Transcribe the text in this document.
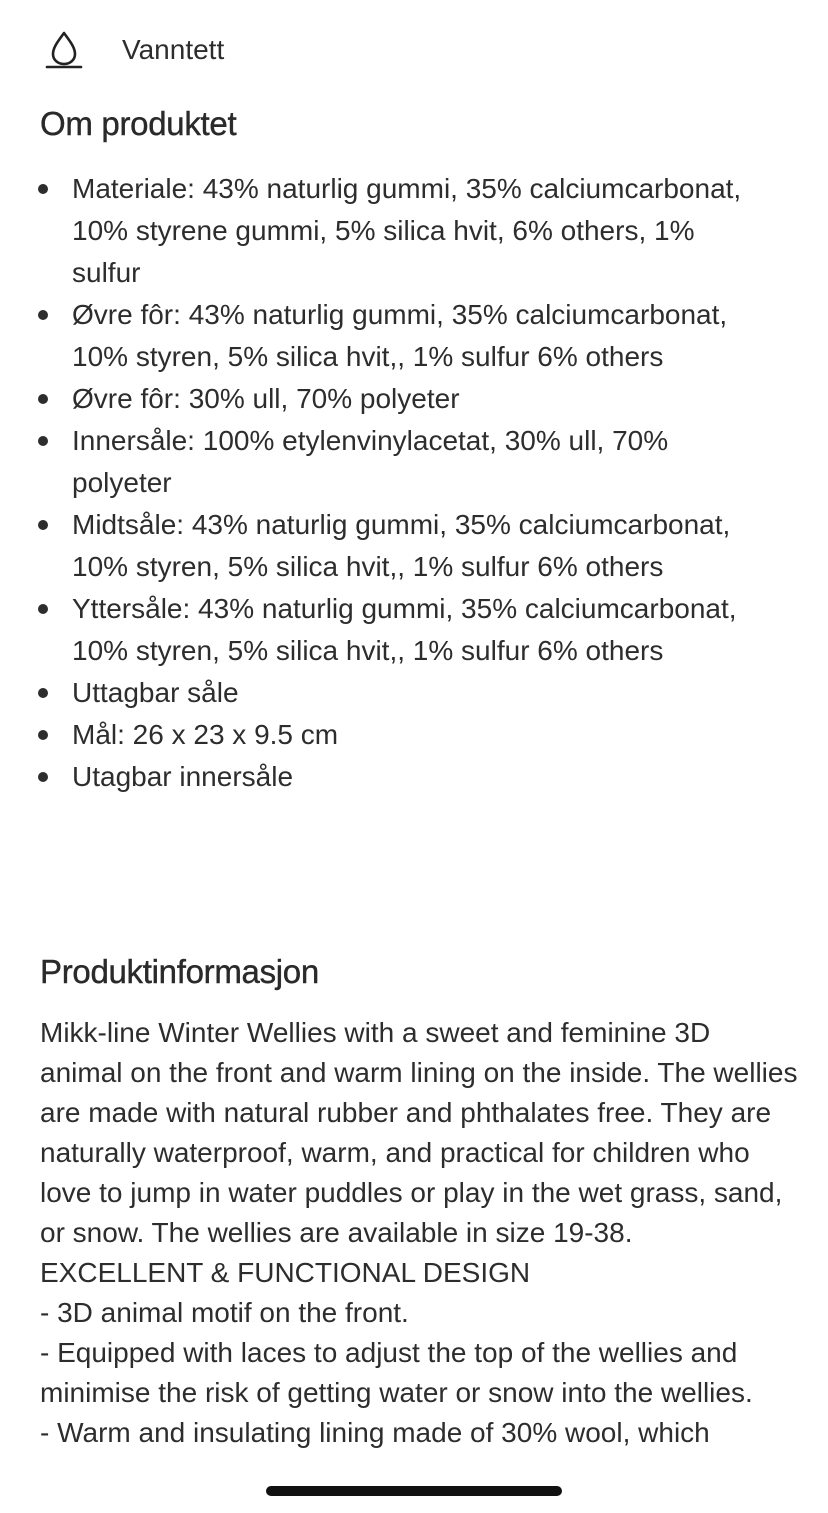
Vanntett
Om produktet
Materiale: 43% naturlig gummi, 35% calciumcarbonat, 10% styrene gummi, 5% silica hvit, 6% others, 1% sulfur
Øvre fôr: 43% naturlig gummi, 35% calciumcarbonat, 10% styren, 5% silica hvit,, 1% sulfur 6% others
Øvre fôr: 30% ull, 70% polyeter
Innersåle: 100% etylenvinylacetat, 30% ull, 70% polyeter
Midtsåle: 43% naturlig gummi, 35% calciumcarbonat, 10% styren, 5% silica hvit,, 1% sulfur 6% others
Yttersåle: 43% naturlig gummi, 35% calciumcarbonat, 10% styren, 5% silica hvit,, 1% sulfur 6% others
Uttagbar såle
Mål: 26 x 23 x 9.5 cm
Utagbar innersåle
Produktinformasjon

Mikk-line Winter Wellies with a sweet and feminine 3D animal on the front and warm lining on the inside. The wellies are made with natural rubber and phthalates free. They are naturally waterproof, warm, and practical for children who love to jump in water puddles or play in the wet grass, sand, or snow. The wellies are available in size 19-38.

EXCELLENT & FUNCTIONAL DESIGN

- 3D animal motif on the front.

- Equipped with laces to adjust the top of the wellies and minimise the risk of getting water or snow into the wellies.

- Warm and insulating lining made of 30% wool, which
